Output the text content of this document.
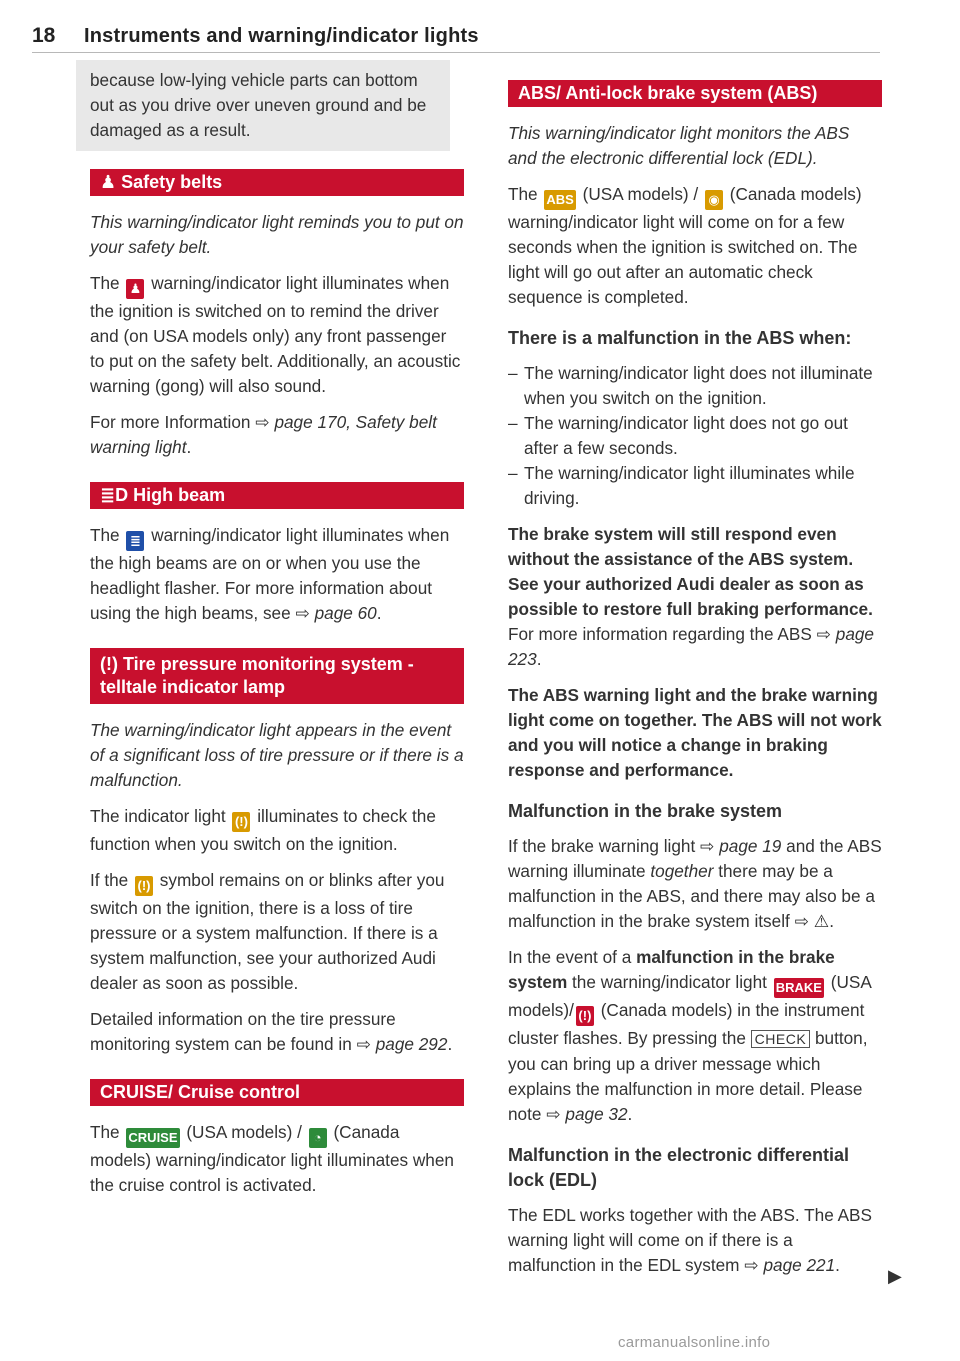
18 Instruments and warning/indicator lights
because low-lying vehicle parts can bottom out as you drive over uneven ground and be damaged as a result.
♟ Safety belts

This warning/indicator light reminds you to put on your safety belt.

The ♟ warning/indicator light illuminates when the ignition is switched on to remind the driver and (on USA models only) any front passenger to put on the safety belt. Additionally, an acoustic warning (gong) will also sound.

For more Information ⇨ page 170, Safety belt warning light.

≣D High beam

The ≣ warning/indicator light illuminates when the high beams are on or when you use the headlight flasher. For more information about using the high beams, see ⇨ page 60.

(!) Tire pressure monitoring system - telltale indicator lamp

The warning/indicator light appears in the event of a significant loss of tire pressure or if there is a malfunction.

The indicator light (!) illuminates to check the function when you switch on the ignition.

If the (!) symbol remains on or blinks after you switch on the ignition, there is a loss of tire pressure or a system malfunction. If there is a system malfunction, see your authorized Audi dealer as soon as possible.

Detailed information on the tire pressure monitoring system can be found in ⇨ page 292.

CRUISE/ Cruise control

The CRUISE (USA models) / ◔ (Canada models) warning/indicator light illuminates when the cruise control is activated.

ABS/ Anti-lock brake system (ABS)

This warning/indicator light monitors the ABS and the electronic differential lock (EDL).

The ABS (USA models) / ◉ (Canada models) warning/indicator light will come on for a few seconds when the ignition is switched on. The light will go out after an automatic check sequence is completed.

There is a malfunction in the ABS when:
– The warning/indicator light does not illuminate when you switch on the ignition.
– The warning/indicator light does not go out after a few seconds.
– The warning/indicator light illuminates while driving.

The brake system will still respond even without the assistance of the ABS system. See your authorized Audi dealer as soon as possible to restore full braking performance.

For more information regarding the ABS ⇨ page 223.

The ABS warning light and the brake warning light come on together. The ABS will not work and you will notice a change in braking response and performance.

Malfunction in the brake system

If the brake warning light ⇨ page 19 and the ABS warning illuminate together there may be a malfunction in the ABS, and there may also be a malfunction in the brake system itself ⇨ ⚠.

In the event of a malfunction in the brake system the warning/indicator light BRAKE (USA models)/ (!) (Canada models) in the instrument cluster flashes. By pressing the CHECK button, you can bring up a driver message which explains the malfunction in more detail. Please note ⇨ page 32.

Malfunction in the electronic differential lock (EDL)

The EDL works together with the ABS. The ABS warning light will come on if there is a malfunction in the EDL system ⇨ page 221.

▶
carmanualsonline.info
